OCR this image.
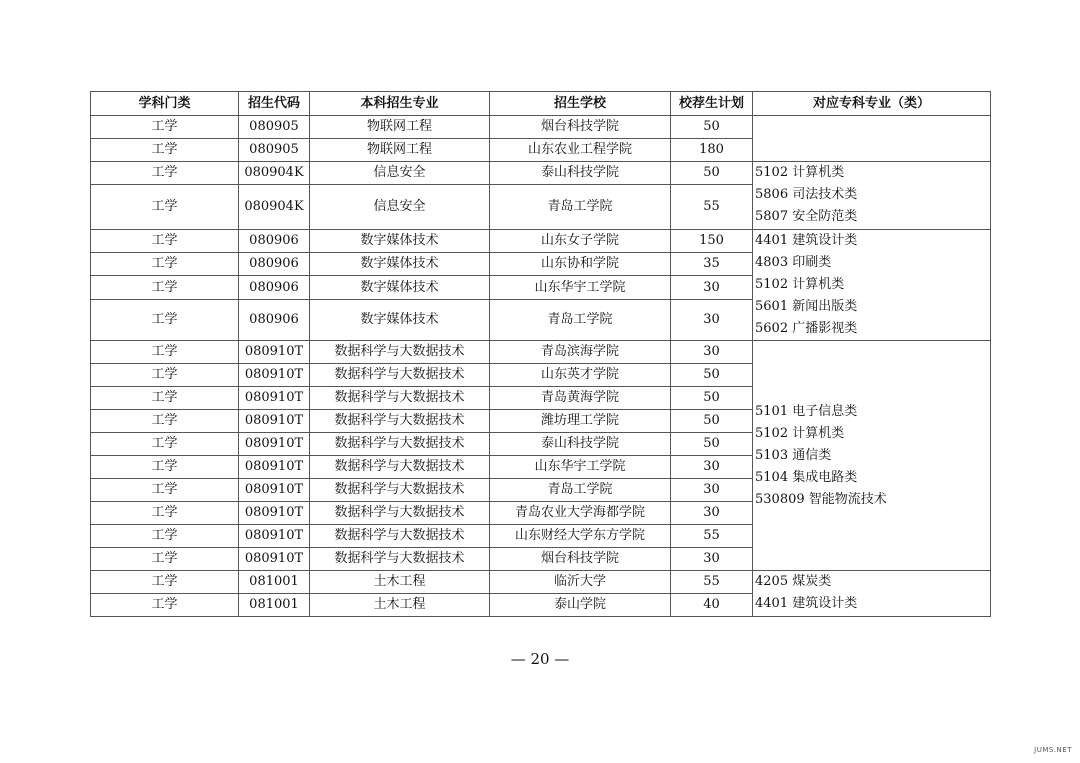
学科门类	招生代码	本科招生专业	招生学校	校荐生计划	对应专科专业（类）
工学	080905	物联网工程	烟台科技学院	50	
工学	080905	物联网工程	山东农业工程学院	180	
工学	080904K	信息安全	泰山科技学院	50	5102 计算机类
5806 司法技术类
5807 安全防范类

工学	080904K	信息安全	青岛工学院	55	
工学	080906	数字媒体技术	山东女子学院	150	4401 建筑设计类
4803 印刷类
5102 计算机类
5601 新闻出版类
5602 广播影视类

工学	080906	数字媒体技术	山东协和学院	35	
工学	080906	数字媒体技术	山东华宇工学院	30	
工学	080906	数字媒体技术	青岛工学院	30	
工学	080910T	数据科学与大数据技术	青岛滨海学院	30	5101 电子信息类
5102 计算机类
5103 通信类
5104 集成电路类
530809 智能物流技术

工学	080910T	数据科学与大数据技术	山东英才学院	50	
工学	080910T	数据科学与大数据技术	青岛黄海学院	50	
工学	080910T	数据科学与大数据技术	潍坊理工学院	50	
工学	080910T	数据科学与大数据技术	泰山科技学院	50	
工学	080910T	数据科学与大数据技术	山东华宇工学院	30	
工学	080910T	数据科学与大数据技术	青岛工学院	30	
工学	080910T	数据科学与大数据技术	青岛农业大学海都学院	30	
工学	080910T	数据科学与大数据技术	山东财经大学东方学院	55	
工学	080910T	数据科学与大数据技术	烟台科技学院	30	
工学	081001	土木工程	临沂大学	55	4205 煤炭类
4401 建筑设计类

工学	081001	土木工程	泰山学院	40	
— 20 —
JUMS.NET
